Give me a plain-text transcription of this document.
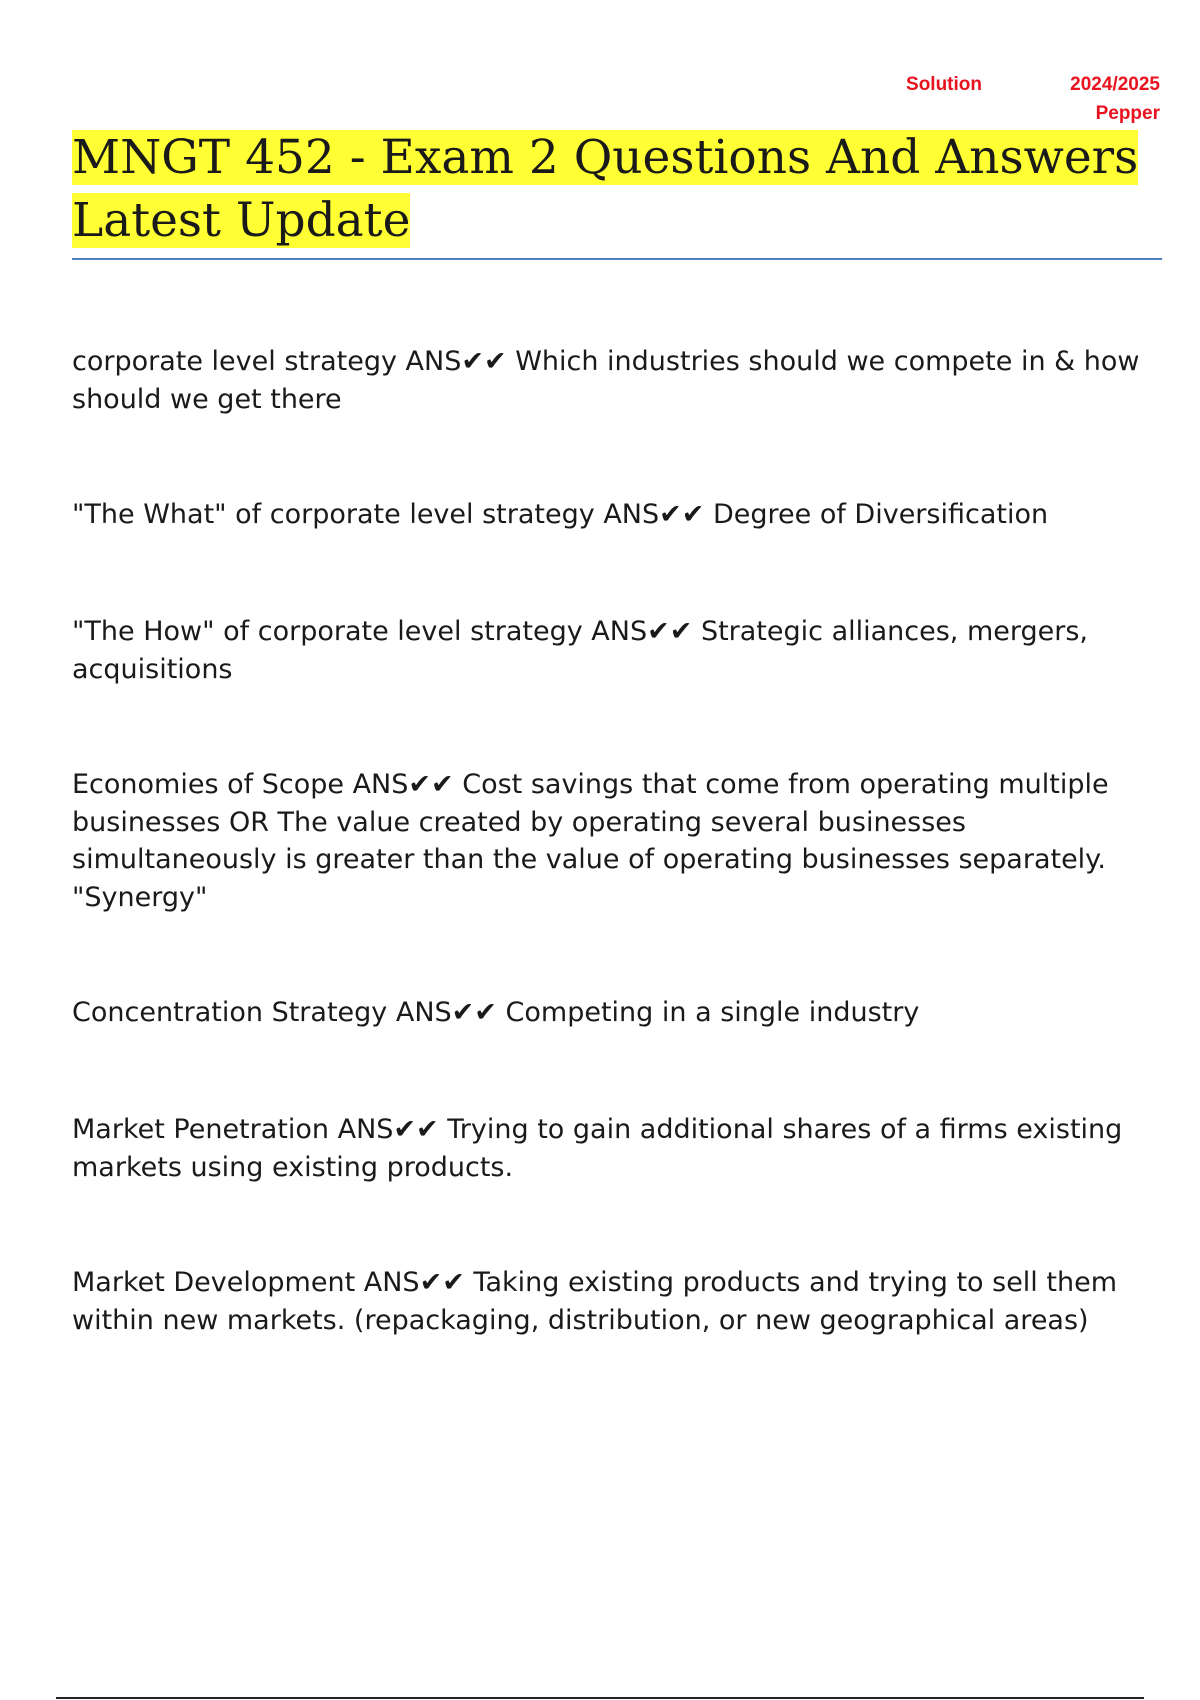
Solution	2024/2025
Pepper
MNGT 452 - Exam 2 Questions And Answers Latest Update

corporate level strategy ANS✔✔ Which industries should we compete in & how should we get there

"The What" of corporate level strategy ANS✔✔ Degree of Diversification

"The How" of corporate level strategy ANS✔✔ Strategic alliances, mergers, acquisitions

Economies of Scope ANS✔✔ Cost savings that come from operating multiple businesses OR The value created by operating several businesses simultaneously is greater than the value of operating businesses separately. "Synergy"

Concentration Strategy ANS✔✔ Competing in a single industry

Market Penetration ANS✔✔ Trying to gain additional shares of a firms existing markets using existing products.

Market Development ANS✔✔ Taking existing products and trying to sell them within new markets. (repackaging, distribution, or new geographical areas)
